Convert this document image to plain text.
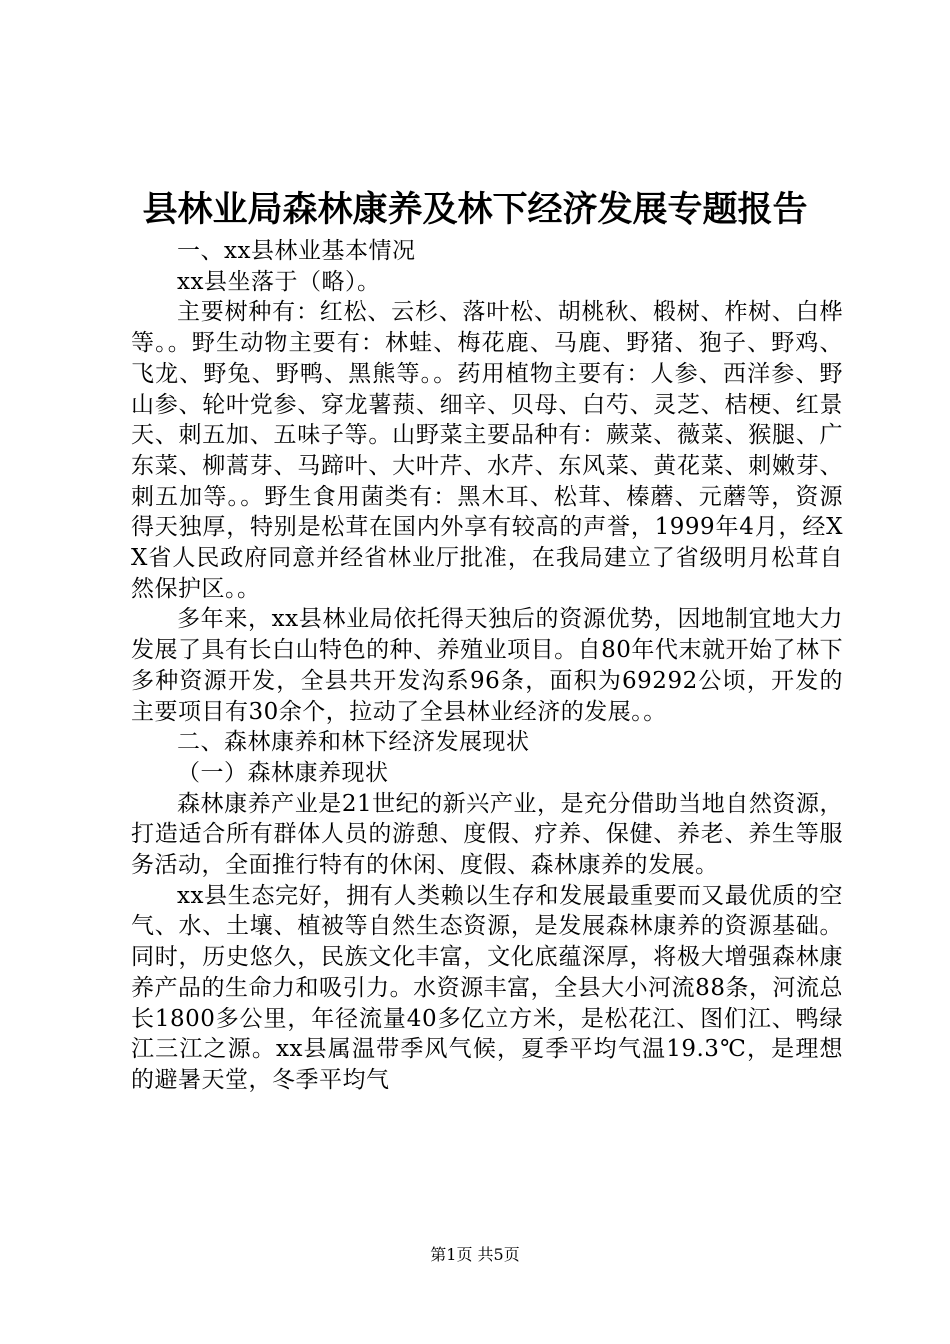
县林业局森林康养及林下经济发展专题报告

一、xx县林业基本情况

xx县坐落于（略）。

主要树种有：红松、云杉、落叶松、胡桃秋、椴树、柞树、白桦等。。野生动物主要有：林蛙、梅花鹿、马鹿、野猪、狍子、野鸡、飞龙、野兔、野鸭、黑熊等。。药用植物主要有：人参、西洋参、野山参、轮叶党参、穿龙薯蓣、细辛、贝母、白芍、灵芝、桔梗、红景天、刺五加、五味子等。山野菜主要品种有：蕨菜、薇菜、猴腿、广东菜、柳蒿芽、马蹄叶、大叶芹、水芹、东风菜、黄花菜、刺嫩芽、刺五加等。。野生食用菌类有：黑木耳、松茸、榛蘑、元蘑等，资源得天独厚，特别是松茸在国内外享有较高的声誉，1999年4月，经XX省人民政府同意并经省林业厅批准，在我局建立了省级明月松茸自然保护区。。

多年来，xx县林业局依托得天独后的资源优势，因地制宜地大力发展了具有长白山特色的种、养殖业项目。自80年代末就开始了林下多种资源开发，全县共开发沟系96条，面积为69292公顷，开发的主要项目有30余个，拉动了全县林业经济的发展。。

二、森林康养和林下经济发展现状

（一）森林康养现状

森林康养产业是21世纪的新兴产业，是充分借助当地自然资源，打造适合所有群体人员的游憩、度假、疗养、保健、养老、养生等服务活动，全面推行特有的休闲、度假、森林康养的发展。

xx县生态完好，拥有人类赖以生存和发展最重要而又最优质的空气、水、土壤、植被等自然生态资源，是发展森林康养的资源基础。同时，历史悠久，民族文化丰富，文化底蕴深厚，将极大增强森林康养产品的生命力和吸引力。水资源丰富，全县大小河流88条，河流总长1800多公里，年径流量40多亿立方米，是松花江、图们江、鸭绿江三江之源。xx县属温带季风气候，夏季平均气温19.3℃，是理想的避暑天堂，冬季平均气

第1页 共5页
